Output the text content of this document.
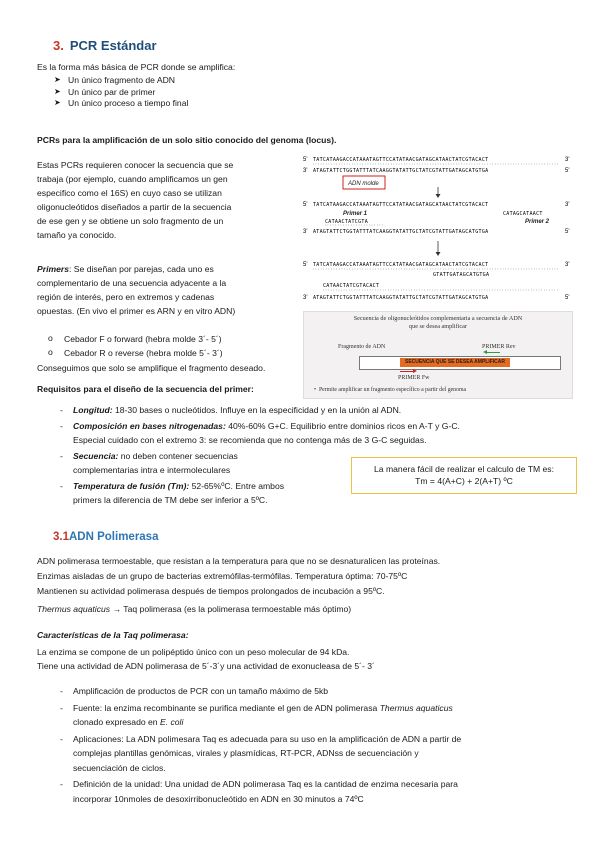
3. PCR Estándar
Es la forma más básica de PCR donde se amplifica:
➤ Un único fragmento de ADN
➤ Un único par de primer
➤ Un único proceso a tiempo final
PCRs para la amplificación de un solo sitio conocido del genoma (locus).
Estas PCRs requieren conocer la secuencia que se
trabaja (por ejemplo, cuando amplificamos un gen
especifico como el 16S) en cuyo caso se utilizan
oligonucleótidos diseñados a partir de la secuencia
de ese gen y se obtiene un solo fragmento de un
tamaño ya conocido.
Primers: Se diseñan por parejas, cada uno es
complementario de una secuencia adyacente a la
región de interés, pero en extremos y cadenas
opuestas. (En vivo el primer es ARN y en vitro ADN)
o Cebador F o forward (hebra molde 3´- 5´)
o Cebador R o reverse (hebra molde 5´- 3´)
Conseguimos que solo se amplifique el fragmento deseado.
Requisitos para el diseño de la secuencia del primer:
5' TATCATAAGACCATAAATAGTTCCATATAACGATAGCATAACTATCGTACACT	3'
3' ATAGTATTCTGGTATTTATCAAGGTATATTGCTATCGTATTGATAGCATGTGA	5'
ADN molde
5' TATCATAAGACCATAAATAGTTCCATATAACGATAGCATAACTATCGTACACT	3'
Primer 1
CATAACTATCGTA
CATAGCATAACT
Primer 2
3' ATAGTATTCTGGTATTTATCAAGGTATATTGCTATCGTATTGATAGCATGTGA	5'
5' TATCATAAGACCATAAATAGTTCCATATAACGATAGCATAACTATCGTACACT	3'
GTATTGATAGCATGTGA
CATAACTATCGTACACT
3' ATAGTATTCTGGTATTTATCAAGGTATATTGCTATCGTATTGATAGCATGTGA	5'
Secuencia de oligonucleótidos complementaria a secuencia de ADN
que se desea amplificar
Fragmento de ADN	PRIMER Rev
SECUENCIA QUE SE DESEA AMPLIFICAR
PRIMER Fw
•  Permite amplificar un fragmento específico a partir del genoma
- Longitud: 18-30 bases o nucleótidos. Influye en la especificidad y en la unión al ADN.
- Composición en bases nitrogenadas: 40%-60% G+C. Equilibrio entre dominios ricos en A-T y G-C.
Especial cuidado con el extremo 3: se recomienda que no contenga más de 3 G-C seguidas.
- Secuencia: no deben contener secuencias
complementarias intra e intermoleculares
- Temperatura de fusión (Tm): 52-65%ºC. Entre ambos
primers la diferencia de TM debe ser inferior a 5ºC.
La manera fácil de realizar el calculo de TM es:
Tm = 4(A+C) + 2(A+T) ºC
3.1ADN Polimerasa
ADN polimerasa termoestable, que resistan a la temperatura para que no se desnaturalicen las proteínas.
Enzimas aisladas de un grupo de bacterias extremófilas-termófilas. Temperatura óptima: 70-75ºC
Mantienen su actividad polimerasa después de tiempos prolongados de incubación a 95ºC.
Thermus aquaticus → Taq polimerasa (es la polimerasa termoestable más óptimo)
Características de la Taq polimerasa:
La enzima se compone de un polipéptido único con un peso molecular de 94 kDa.
Tiene una actividad de ADN polimerasa de 5´-3´y una actividad de exonucleasa de 5´- 3´
- Amplificación de productos de PCR con un tamaño máximo de 5kb
- Fuente: la enzima recombinante se purifica mediante el gen de ADN polimerasa Thermus aquaticus
clonado expresado en E. coli
- Aplicaciones: La ADN polimesara Taq es adecuada para su uso en la amplificación de ADN a partir de
complejas plantillas genómicas, virales y plasmídicas, RT-PCR, ADNss de secuenciación y
secuenciación de ciclos.
- Definición de la unidad: Una unidad de ADN polimerasa Taq es la cantidad de enzima necesaria para
incorporar 10nmoles de desoxirribonucleótido en ADN en 30 minutos a 74ºC
